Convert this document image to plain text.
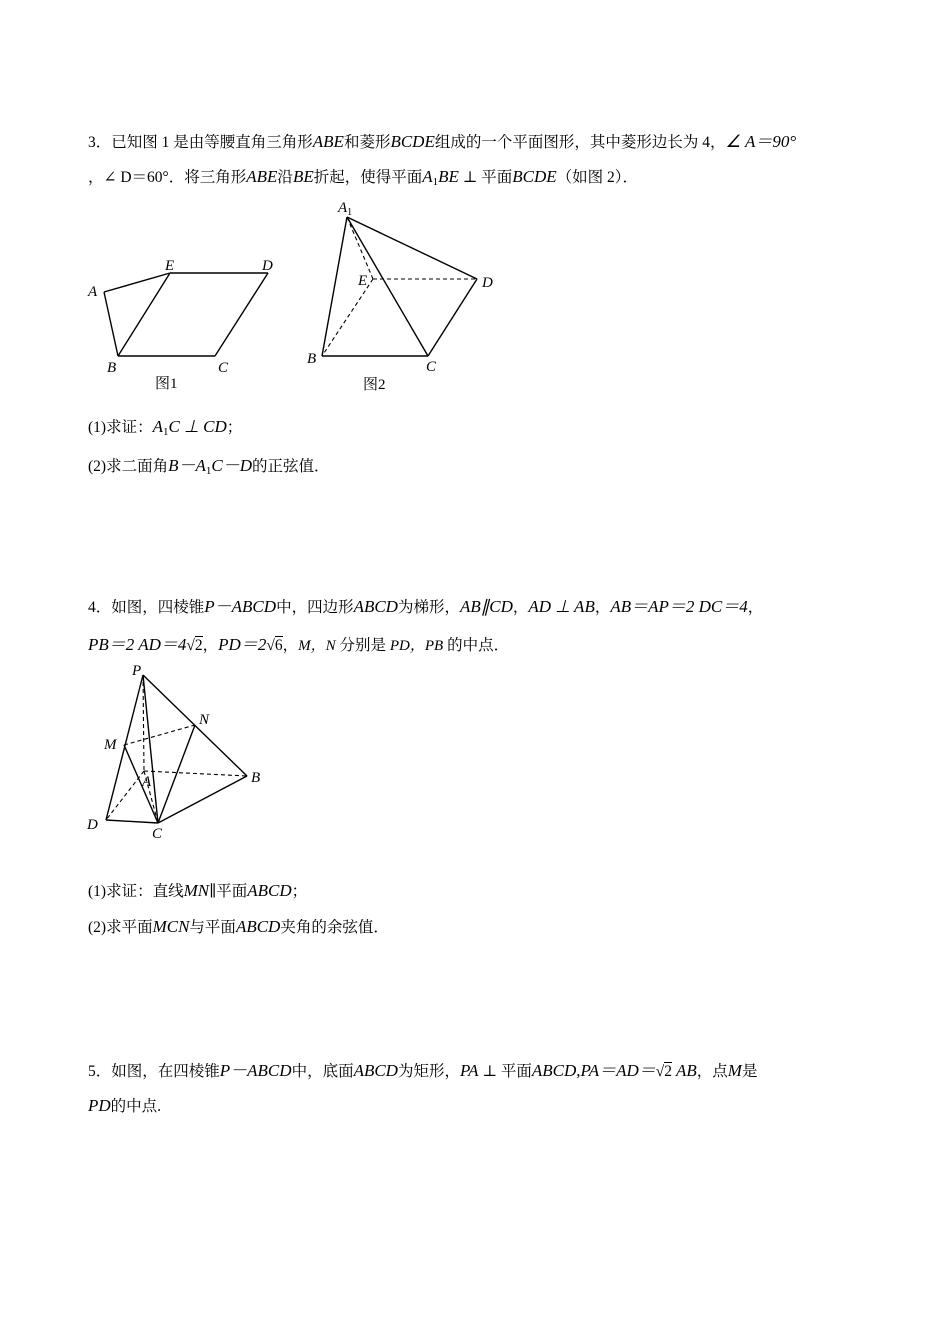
3．已知图 1 是由等腰直角三角形ABE和菱形BCDE组成的一个平面图形，其中菱形边长为 4，∠ A＝90°
，∠ D＝60°．将三角形ABE沿BE折起，使得平面$A_1BE$ ⊥ 平面BCDE（如图 2）．
A
E	D
B	C
图1
$A_1$
E	D
B	C
图2
(1)求证：$A_1C$ ⊥ CD；
(2)求二面角$B-A_1C-D$的正弦值．
4．如图，四棱锥P－ABCD中，四边形ABCD为梯形，AB∥CD，AD ⊥ AB，AB＝AP＝2 DC＝4，
PB＝2 AD＝4√2，PD＝2√6，M，N 分别是 PD，PB 的中点．
P
N
M
A	B
D
C
(1)求证：直线MN∥平面ABCD；
(2)求平面MCN与平面ABCD夹角的余弦值．
5．如图，在四棱锥P－ABCD中，底面ABCD为矩形，PA ⊥ 平面ABCD,PA＝AD＝√2 AB，点M是
PD的中点.
